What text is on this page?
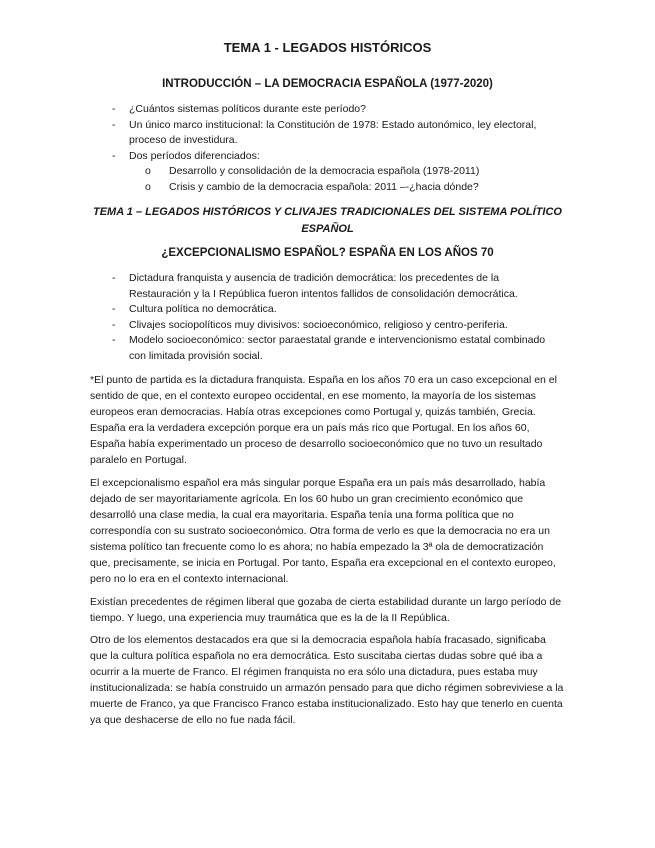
TEMA 1 - LEGADOS HISTÓRICOS
INTRODUCCIÓN – LA DEMOCRACIA ESPAÑOLA (1977-2020)
- ¿Cuántos sistemas políticos durante este período?
- Un único marco institucional: la Constitución de 1978: Estado autonómico, ley electoral, proceso de investidura.
- Dos períodos diferenciados:
o Desarrollo y consolidación de la democracia española (1978-2011)
o Crisis y cambio de la democracia española: 2011 –-¿hacia dónde?
TEMA 1 – LEGADOS HISTÓRICOS Y CLIVAJES TRADICIONALES DEL SISTEMA POLÍTICO ESPAÑOL
¿EXCEPCIONALISMO ESPAÑOL? ESPAÑA EN LOS AÑOS 70
- Dictadura franquista y ausencia de tradición democrática: los precedentes de la Restauración y la I República fueron intentos fallidos de consolidación democrática.
- Cultura política no democrática.
- Clivajes sociopolíticos muy divisivos: socioeconómico, religioso y centro-periferia.
- Modelo socioeconómico: sector paraestatal grande e intervencionismo estatal combinado con limitada provisión social.

*El punto de partida es la dictadura franquista. España en los años 70 era un caso excepcional en el sentido de que, en el contexto europeo occidental, en ese momento, la mayoría de los sistemas europeos eran democracias. Había otras excepciones como Portugal y, quizás también, Grecia. España era la verdadera excepción porque era un país más rico que Portugal. En los años 60, España había experimentado un proceso de desarrollo socioeconómico que no tuvo un resultado paralelo en Portugal.

El excepcionalismo español era más singular porque España era un país más desarrollado, había dejado de ser mayoritariamente agrícola. En los 60 hubo un gran crecimiento económico que desarrolló una clase media, la cual era mayoritaria. España tenía una forma política que no correspondía con su sustrato socioeconómico. Otra forma de verlo es que la democracia no era un sistema político tan frecuente como lo es ahora; no había empezado la 3ª ola de democratización que, precisamente, se inicia en Portugal. Por tanto, España era excepcional en el contexto europeo, pero no lo era en el contexto internacional.

Existían precedentes de régimen liberal que gozaba de cierta estabilidad durante un largo período de tiempo. Y luego, una experiencia muy traumática que es la de la II República.

Otro de los elementos destacados era que si la democracia española había fracasado, significaba que la cultura política española no era democrática. Esto suscitaba ciertas dudas sobre qué iba a ocurrir a la muerte de Franco. El régimen franquista no era sólo una dictadura, pues estaba muy institucionalizada: se había construido un armazón pensado para que dicho régimen sobreviviese a la muerte de Franco, ya que Francisco Franco estaba institucionalizado. Esto hay que tenerlo en cuenta ya que deshacerse de ello no fue nada fácil.
